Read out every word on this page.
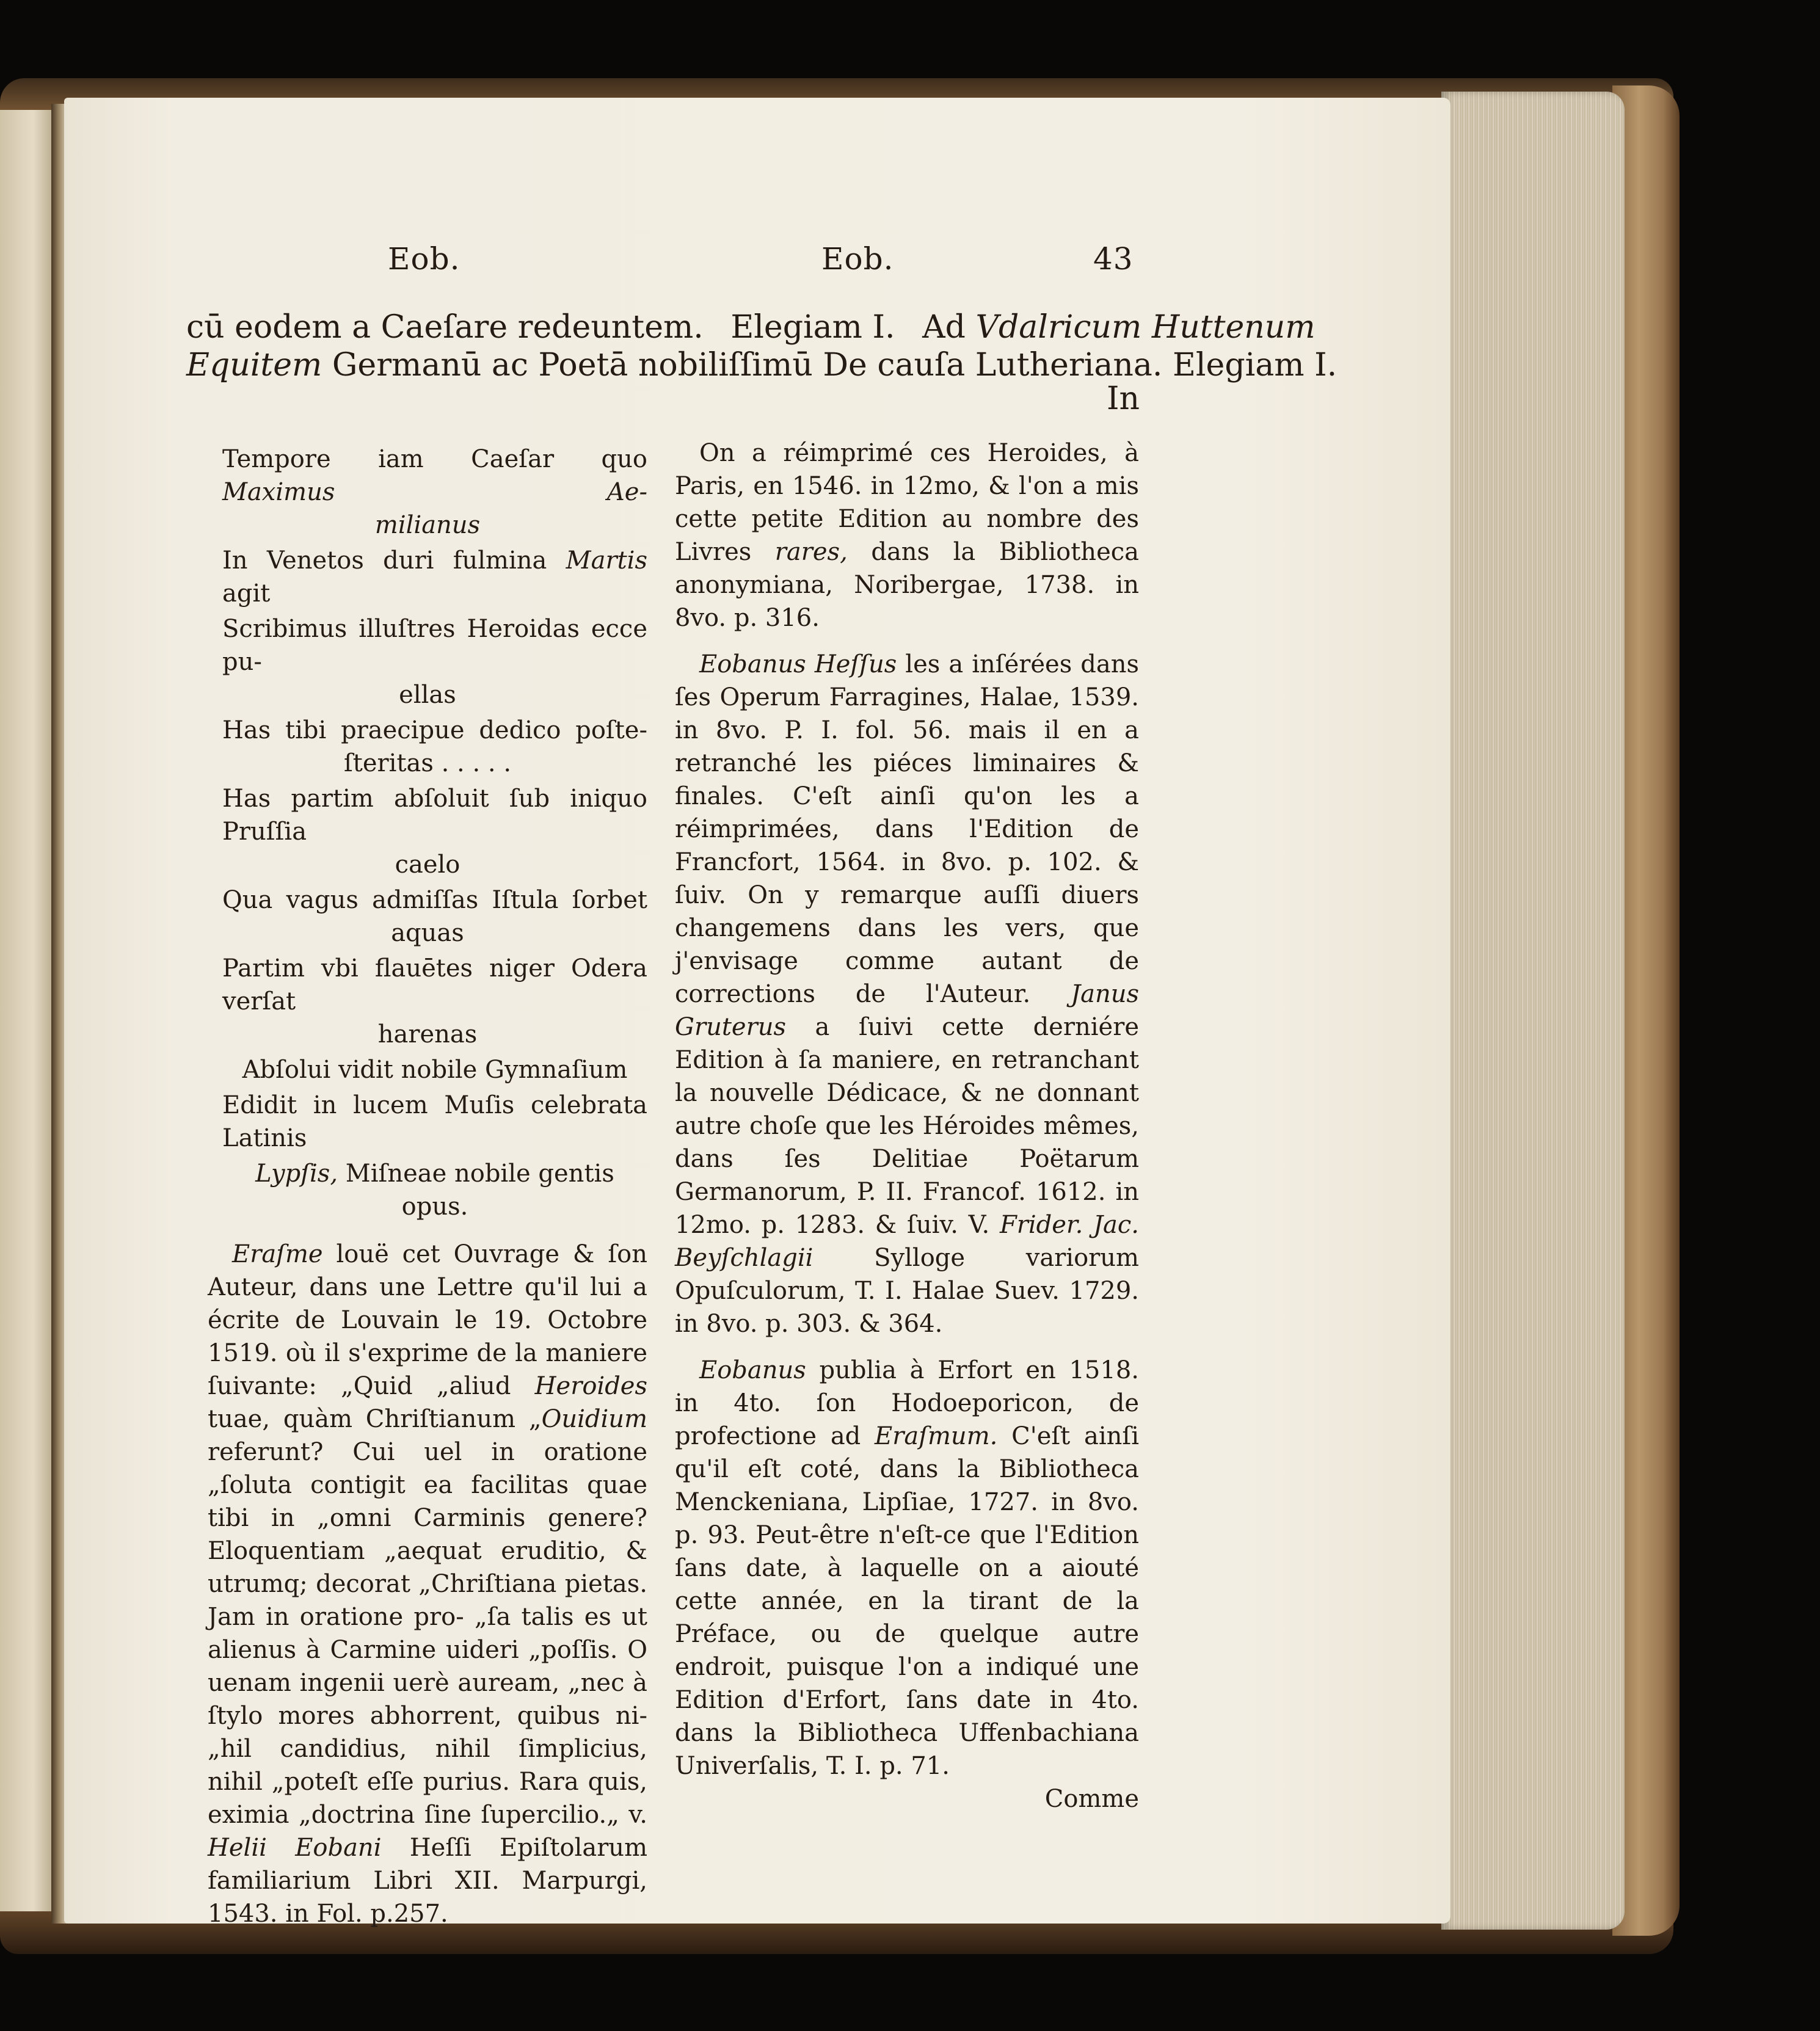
Eob.	Eob.	43
cū eodem a Caeſare redeuntem. Elegiam I. Ad Vdalricum Huttenum
Equitem Germanū ac Poetā nobiliſſimū De cauſa Lutheriana. Elegiam I.
In
Tempore iam Caeſar quo Maximus Ae-
milianus
In Venetos duri fulmina Martis agit
Scribimus illuſtres Heroidas ecce pu-
ellas
Has tibi praecipue dedico poſte-
ſteritas . . . . .
Has partim abſoluit ſub iniquo Pruſſia
caelo
Qua vagus admiſſas Iſtula ſorbet
aquas
Partim vbi flauētes niger Odera verſat
harenas
Abſolui vidit nobile Gymnaſium
Edidit in lucem Muſis celebrata Latinis
Lypſis, Miſneae nobile gentis opus.

Eraſme louë cet Ouvrage & ſon Auteur, dans une Lettre qu'il lui a écrite de Louvain le 19. Octobre 1519. où il s'exprime de la maniere ſuivante: „Quid „aliud Heroides tuae, quàm Chriſtianum „Ouidium referunt? Cui uel in oratione „ſoluta contigit ea facilitas quae tibi in „omni Carminis genere? Eloquentiam „aequat eruditio, & utrumq; decorat „Chriſtiana pietas. Jam in oratione pro- „ſa talis es ut alienus à Carmine uideri „poſſis. O uenam ingenii uerè auream, „nec à ſtylo mores abhorrent, quibus ni- „hil candidius, nihil ſimplicius, nihil „poteſt eſſe purius. Rara quis, eximia „doctrina ſine ſupercilio.„ v. Helii Eobani Heſſi Epiſtolarum familiarium Libri XII. Marpurgi, 1543. in Fol. p.257.

On a réimprimé ces Heroides, à Paris, en 1546. in 12mo, & l'on a mis cette petite Edition au nombre des Livres rares, dans la Bibliotheca anonymiana, Noribergae, 1738. in 8vo. p. 316.

Eobanus Heſſus les a inſérées dans ſes Operum Farragines, Halae, 1539. in 8vo. P. I. fol. 56. mais il en a retranché les piéces liminaires & finales. C'eſt ainſi qu'on les a réimprimées, dans l'Edition de Francfort, 1564. in 8vo. p. 102. & ſuiv. On y remarque auſſi diuers changemens dans les vers, que j'envisage comme autant de corrections de l'Auteur. Janus Gruterus a ſuivi cette derniére Edition à ſa maniere, en retranchant la nouvelle Dédicace, & ne donnant autre choſe que les Héroides mêmes, dans ſes Delitiae Poëtarum Germanorum, P. II. Francof. 1612. in 12mo. p. 1283. & ſuiv. V. Frider. Jac. Beyſchlagii Sylloge variorum Opuſculorum, T. I. Halae Suev. 1729. in 8vo. p. 303. & 364.

Eobanus publia à Erfort en 1518. in 4to. ſon Hodoeporicon, de profectione ad Eraſmum. C'eſt ainſi qu'il eſt coté, dans la Bibliotheca Menckeniana, Lipſiae, 1727. in 8vo. p. 93. Peut-être n'eſt-ce que l'Edition ſans date, à laquelle on a aiouté cette année, en la tirant de la Préface, ou de quelque autre endroit, puisque l'on a indiqué une Edition d'Erfort, ſans date in 4to. dans la Bibliotheca Uffenbachiana Univerſalis, T. I. p. 71.

Comme
